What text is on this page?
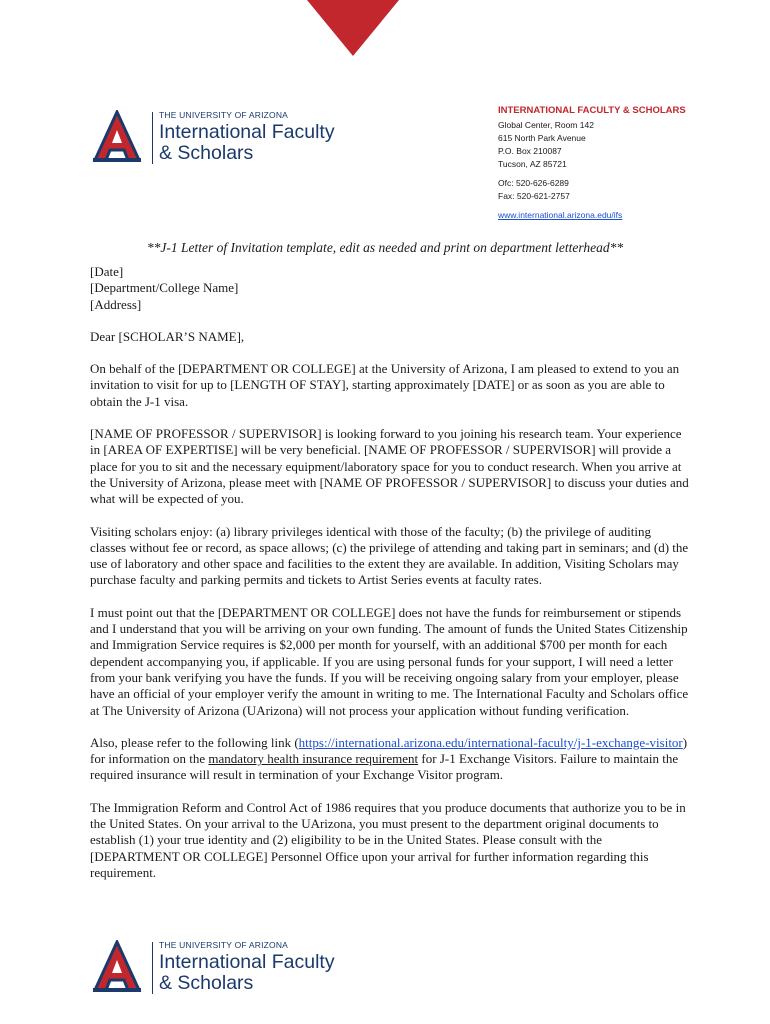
THE UNIVERSITY OF ARIZONA
International Faculty
& Scholars
INTERNATIONAL FACULTY & SCHOLARS
Global Center, Room 142
615 North Park Avenue
P.O. Box 210087
Tucson, AZ 85721
Ofc: 520-626-6289
Fax: 520-621-2757
www.international.arizona.edu/ifs
**J-1 Letter of Invitation template, edit as needed and print on department letterhead**
[Date]
[Department/College Name]
[Address]

Dear [SCHOLAR’S NAME],

On behalf of the [DEPARTMENT OR COLLEGE] at the University of Arizona, I am pleased to extend to you an invitation to visit for up to [LENGTH OF STAY], starting approximately [DATE] or as soon as you are able to obtain the J-1 visa.

[NAME OF PROFESSOR / SUPERVISOR] is looking forward to you joining his research team. Your experience in [AREA OF EXPERTISE] will be very beneficial. [NAME OF PROFESSOR / SUPERVISOR] will provide a place for you to sit and the necessary equipment/laboratory space for you to conduct research. When you arrive at the University of Arizona, please meet with [NAME OF PROFESSOR / SUPERVISOR] to discuss your duties and what will be expected of you.

Visiting scholars enjoy: (a) library privileges identical with those of the faculty; (b) the privilege of auditing classes without fee or record, as space allows; (c) the privilege of attending and taking part in seminars; and (d) the use of laboratory and other space and facilities to the extent they are available. In addition, Visiting Scholars may purchase faculty and parking permits and tickets to Artist Series events at faculty rates.

I must point out that the [DEPARTMENT OR COLLEGE] does not have the funds for reimbursement or stipends and I understand that you will be arriving on your own funding. The amount of funds the United States Citizenship and Immigration Service requires is $2,000 per month for yourself, with an additional $700 per month for each dependent accompanying you, if applicable. If you are using personal funds for your support, I will need a letter from your bank verifying you have the funds. If you will be receiving ongoing salary from your employer, please have an official of your employer verify the amount in writing to me. The International Faculty and Scholars office at The University of Arizona (UArizona) will not process your application without funding verification.

Also, please refer to the following link (https://international.arizona.edu/international-faculty/j-1-exchange-visitor) for information on the mandatory health insurance requirement for J-1 Exchange Visitors. Failure to maintain the required insurance will result in termination of your Exchange Visitor program.

The Immigration Reform and Control Act of 1986 requires that you produce documents that authorize you to be in the United States. On your arrival to the UArizona, you must present to the department original documents to establish (1) your true identity and (2) eligibility to be in the United States. Please consult with the [DEPARTMENT OR COLLEGE] Personnel Office upon your arrival for further information regarding this requirement.

THE UNIVERSITY OF ARIZONA
International Faculty
& Scholars
